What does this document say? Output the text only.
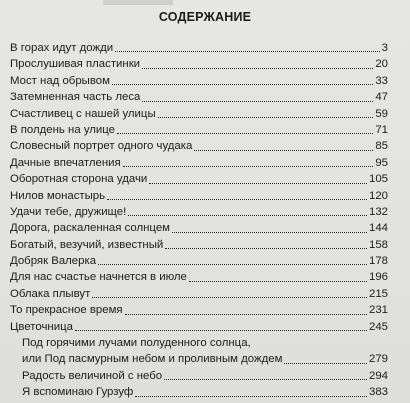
СОДЕРЖАНИЕ
В горах идут дожди	3
Прослушивая пластинки	20
Мост над обрывом	33
Затемненная часть леса	47
Счастливец с нашей улицы	59
В полдень на улице	71
Словесный портрет одного чудака	85
Дачные впечатления	95
Оборотная сторона удачи	105
Нилов монастырь	120
Удачи тебе, дружище!	132
Дорога, раскаленная солнцем	144
Богатый, везучий, известный	158
Добряк Валерка	178
Для нас счастье начнется в июле	196
Облака плывут	215
То прекрасное время	231
Цветочница	245
Под горячими лучами полуденного солнца,
или Под пасмурным небом и проливным дождем	279
Радость величиной с небо	294
Я вспоминаю Гурзуф	383
